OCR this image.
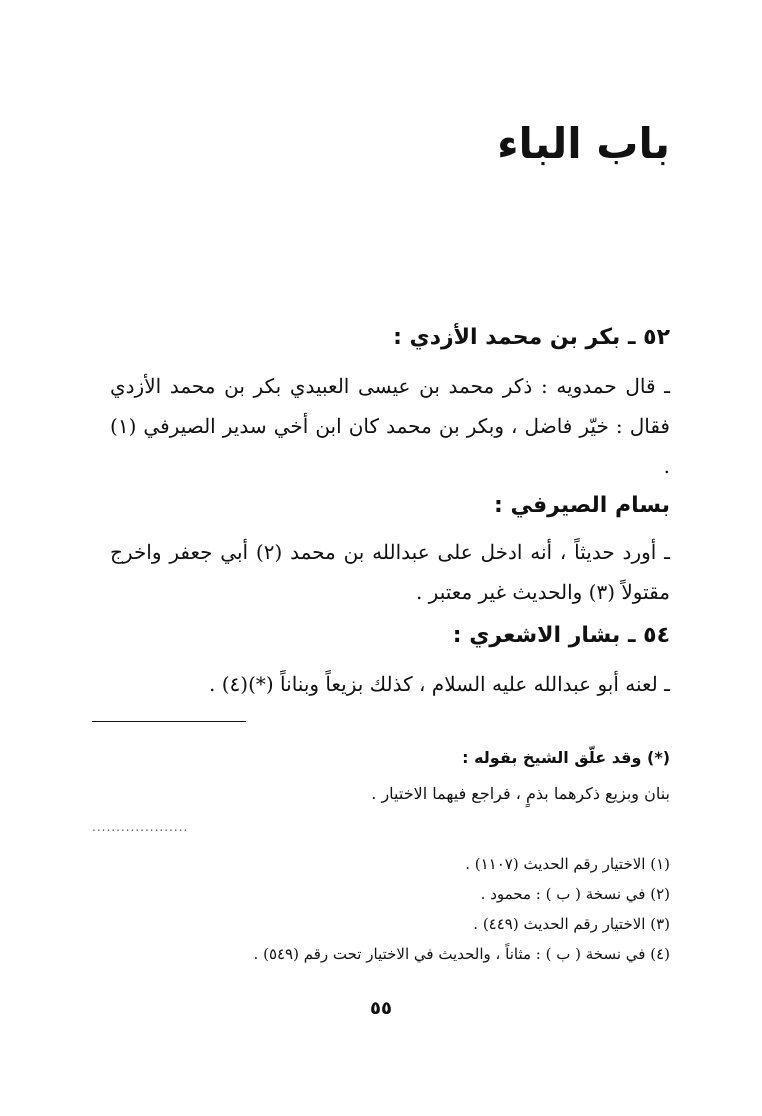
باب الباء
٥٢ ـ بكر بن محمد الأزدي :
ـ قال حمدويه : ذكر محمد بن عيسى العبيدي بكر بن محمد الأزدي فقال : خيّر فاضل ، وبكر بن محمد كان ابن أخي سدير الصيرفي (١) .
بسام الصيرفي :
ـ أورد حديثاً ، أنه ادخل على عبدالله بن محمد (٢) أبي جعفر واخرج مقتولاً (٣) والحديث غير معتبر .
٥٤ ـ بشار الاشعري :
ـ لعنه أبو عبدالله عليه السلام ، كذلك بزيعاً وبناناً (*)(٤) .
(*) وقد علّق الشيخ بقوله :
بنان وبزيع ذكرهما بذمٍ ، فراجع فيهما الاختيار .
....................
(١) الاختيار رقم الحديث (١١٠٧) .
(٢) في نسخة ( ب ) : محمود .
(٣) الاختيار رقم الحديث (٤٤٩) .
(٤) في نسخة ( ب ) : مثاناً ، والحديث في الاختيار تحت رقم (٥٤٩) .
٥٥
